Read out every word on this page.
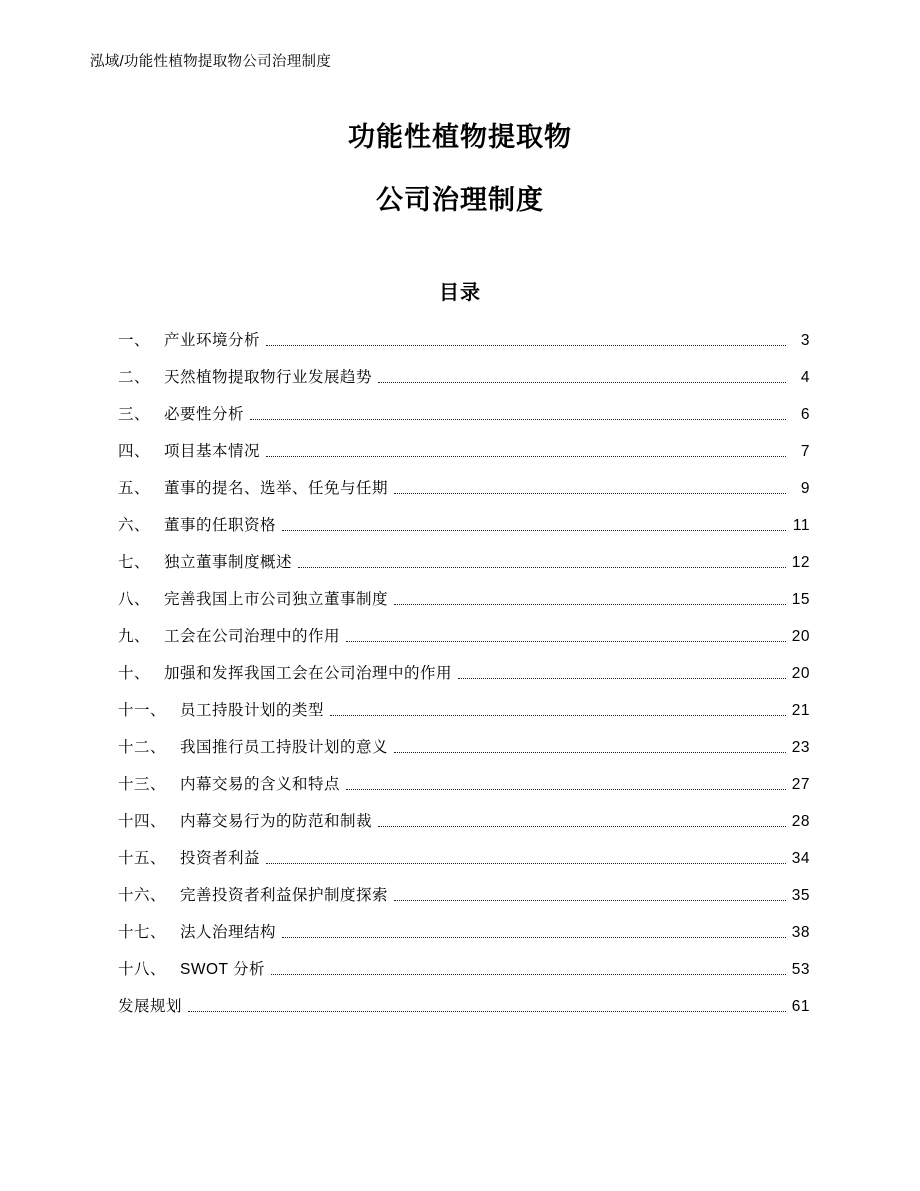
泓域/功能性植物提取物公司治理制度
功能性植物提取物
公司治理制度
目录
一、 产业环境分析	3
二、 天然植物提取物行业发展趋势	4
三、 必要性分析	6
四、 项目基本情况	7
五、 董事的提名、选举、任免与任期	9
六、 董事的任职资格	11
七、 独立董事制度概述	12
八、 完善我国上市公司独立董事制度	15
九、 工会在公司治理中的作用	20
十、 加强和发挥我国工会在公司治理中的作用	20
十一、 员工持股计划的类型	21
十二、 我国推行员工持股计划的意义	23
十三、 内幕交易的含义和特点	27
十四、 内幕交易行为的防范和制裁	28
十五、 投资者利益	34
十六、 完善投资者利益保护制度探索	35
十七、 法人治理结构	38
十八、 SWOT 分析	53
发展规划	61
